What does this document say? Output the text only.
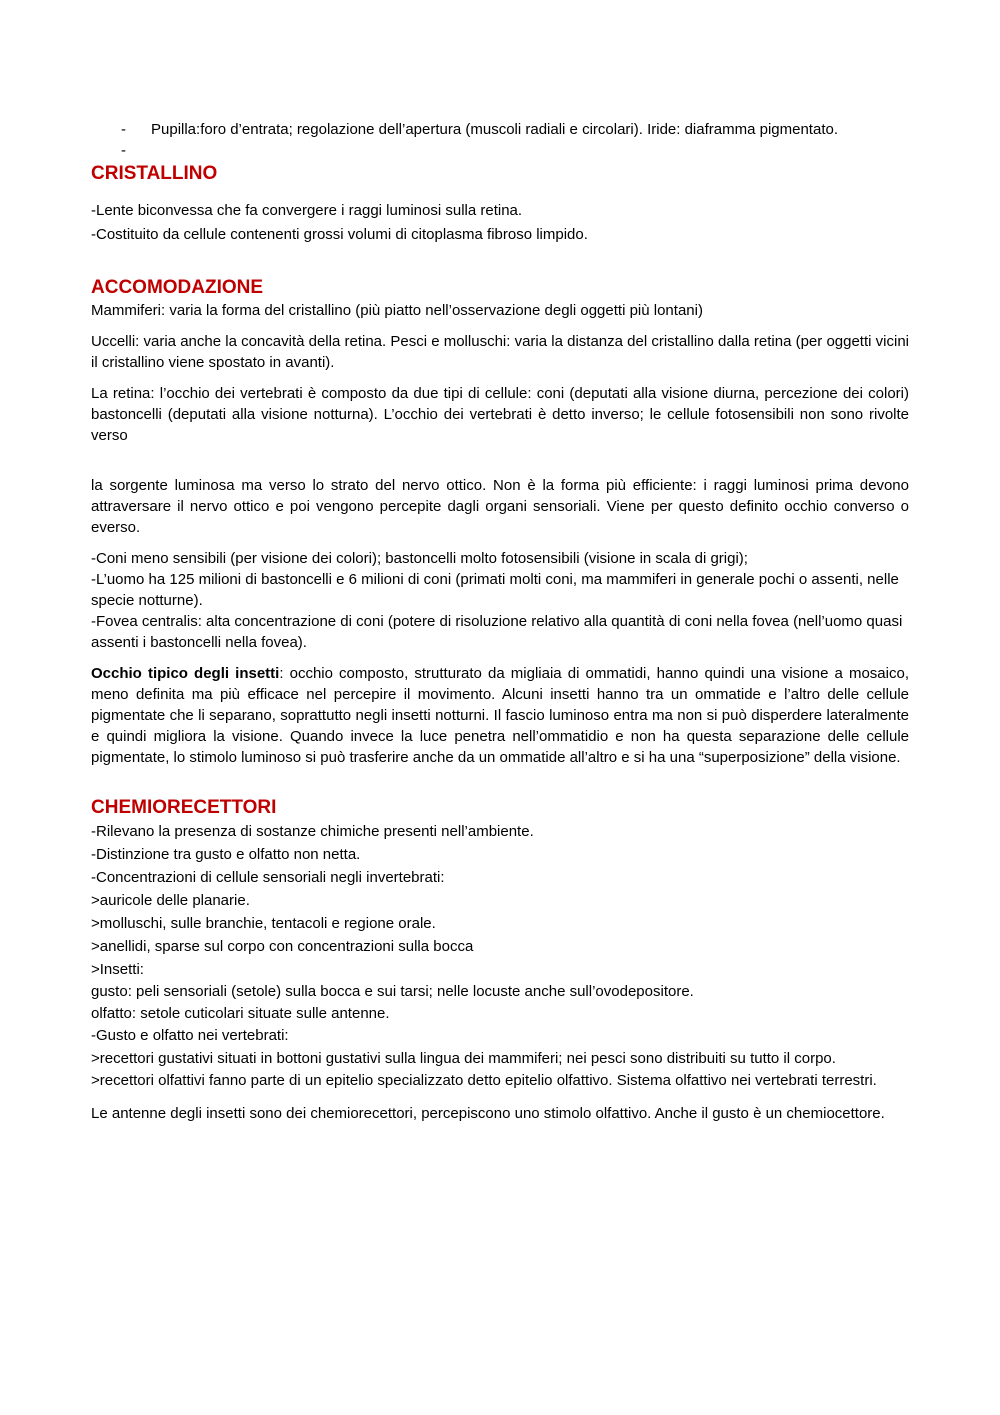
- Pupilla:foro d’entrata; regolazione dell’apertura (muscoli radiali e circolari). Iride: diaframma pigmentato.
-

CRISTALLINO

-Lente biconvessa che fa convergere i raggi luminosi sulla retina.

-Costituito da cellule contenenti grossi volumi di citoplasma fibroso limpido.

ACCOMODAZIONE

Mammiferi: varia la forma del cristallino (più piatto nell’osservazione degli oggetti più lontani)

Uccelli: varia anche la concavità della retina. Pesci e molluschi: varia la distanza del cristallino dalla retina (per oggetti vicini il cristallino viene spostato in avanti).

La retina: l’occhio dei vertebrati è composto da due tipi di cellule: coni (deputati alla visione diurna, percezione dei colori) bastoncelli (deputati alla visione notturna). L’occhio dei vertebrati è detto inverso; le cellule fotosensibili non sono rivolte verso

la sorgente luminosa ma verso lo strato del nervo ottico. Non è la forma più efficiente: i raggi luminosi prima devono attraversare il nervo ottico e poi vengono percepite dagli organi sensoriali. Viene per questo definito occhio converso o everso.

-Coni meno sensibili (per visione dei colori); bastoncelli molto fotosensibili (visione in scala di grigi);

-L’uomo ha 125 milioni di bastoncelli e 6 milioni di coni (primati molti coni, ma mammiferi in generale pochi o assenti, nelle specie notturne).

-Fovea centralis: alta concentrazione di coni (potere di risoluzione relativo alla quantità di coni nella fovea (nell’uomo quasi assenti i bastoncelli nella fovea).

Occhio tipico degli insetti: occhio composto, strutturato da migliaia di ommatidi, hanno quindi una visione a mosaico, meno definita ma più efficace nel percepire il movimento. Alcuni insetti hanno tra un ommatide e l’altro delle cellule pigmentate che li separano, soprattutto negli insetti notturni. Il fascio luminoso entra ma non si può disperdere lateralmente e quindi migliora la visione. Quando invece la luce penetra nell’ommatidio e non ha questa separazione delle cellule pigmentate, lo stimolo luminoso si può trasferire anche da un ommatide all’altro e si ha una “superposizione” della visione.

CHEMIORECETTORI

-Rilevano la presenza di sostanze chimiche presenti nell’ambiente.

-Distinzione tra gusto e olfatto non netta.

-Concentrazioni di cellule sensoriali negli invertebrati:

>auricole delle planarie.

>molluschi, sulle branchie, tentacoli e regione orale.

>anellidi, sparse sul corpo con concentrazioni sulla bocca

>Insetti:

gusto: peli sensoriali (setole) sulla bocca e sui tarsi; nelle locuste anche sull’ovodepositore.

olfatto: setole cuticolari situate sulle antenne.

-Gusto e olfatto nei vertebrati:

>recettori gustativi situati in bottoni gustativi sulla lingua dei mammiferi; nei pesci sono distribuiti su tutto il corpo.

>recettori olfattivi fanno parte di un epitelio specializzato detto epitelio olfattivo. Sistema olfattivo nei vertebrati terrestri.

Le antenne degli insetti sono dei chemiorecettori, percepiscono uno stimolo olfattivo. Anche il gusto è un chemiocettore.
